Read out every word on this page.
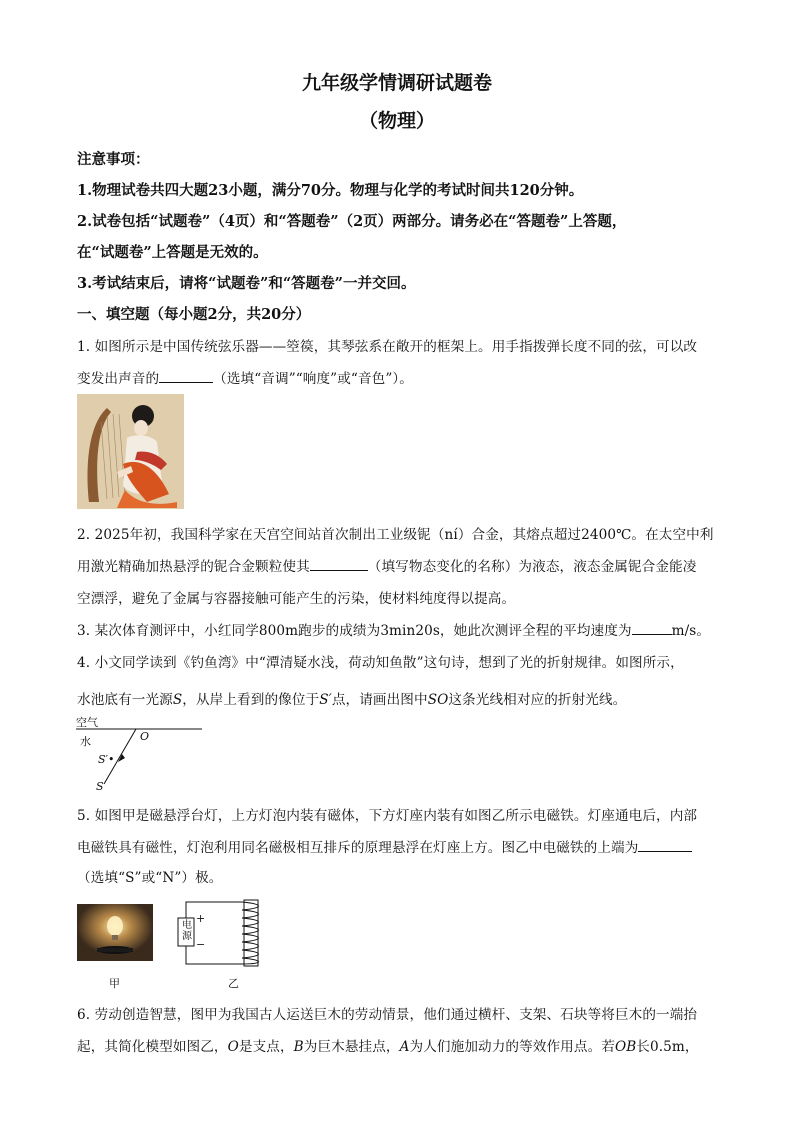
九年级学情调研试题卷
（物理）
注意事项：
1.物理试卷共四大题23小题，满分70分。物理与化学的考试时间共120分钟。
2.试卷包括“试题卷”（4页）和“答题卷”（2页）两部分。请务必在“答题卷”上答题，
在“试题卷”上答题是无效的。
3.考试结束后，请将“试题卷”和“答题卷”一并交回。
一、填空题（每小题2分，共20分）
1. 如图所示是中国传统弦乐器——箜篌，其琴弦系在敞开的框架上。用手指拨弹长度不同的弦，可以改
变发出声音的	（选填“音调”“响度”或“音色”）。
2. 2025年初，我国科学家在天宫空间站首次制出工业级铌（ní）合金，其熔点超过2400℃。在太空中利
用激光精确加热悬浮的铌合金颗粒使其	（填写物态变化的名称）为液态，液态金属铌合金能凌
空漂浮，避免了金属与容器接触可能产生的污染，使材料纯度得以提高。
3. 某次体育测评中，小红同学800m跑步的成绩为3min20s，她此次测评全程的平均速度为	m/s。
4. 小文同学读到《钓鱼湾》中“潭清疑水浅，荷动知鱼散”这句诗，想到了光的折射规律。如图所示，
水池底有一光源S，从岸上看到的像位于S′点，请画出图中SO这条光线相对应的折射光线。
空气
水	O
S′•
S
5. 如图甲是磁悬浮台灯，上方灯泡内装有磁体，下方灯座内装有如图乙所示电磁铁。灯座通电后，内部
电磁铁具有磁性，灯泡利用同名磁极相互排斥的原理悬浮在灯座上方。图乙中电磁铁的上端为
（选填“S”或“N”）极。
甲
电源
+
−
乙
6. 劳动创造智慧，图甲为我国古人运送巨木的劳动情景，他们通过横杆、支架、石块等将巨木的一端抬
起，其简化模型如图乙，O是支点，B为巨木悬挂点，A为人们施加动力的等效作用点。若OB长0.5m，
